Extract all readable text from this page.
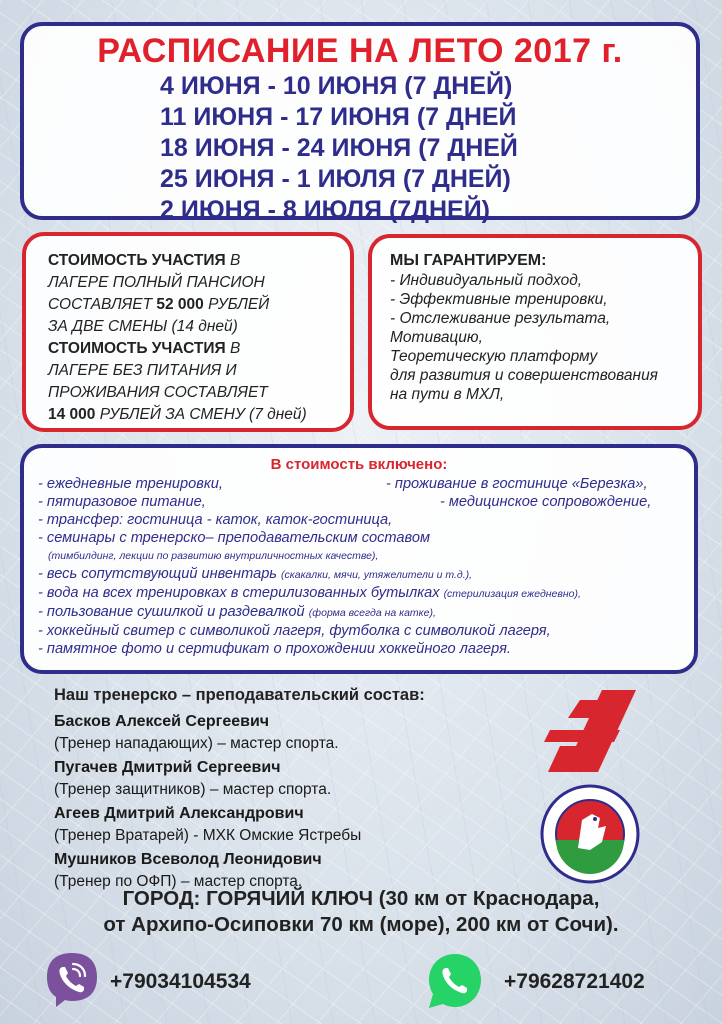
РАСПИСАНИЕ НА ЛЕТО 2017 г.
4 ИЮНЯ - 10 ИЮНЯ (7 ДНЕЙ)
11 ИЮНЯ - 17 ИЮНЯ (7 ДНЕЙ
18 ИЮНЯ - 24 ИЮНЯ (7 ДНЕЙ
25 ИЮНЯ - 1 ИЮЛЯ (7 ДНЕЙ)
2 ИЮНЯ - 8 ИЮЛЯ (7ДНЕЙ)
СТОИМОСТЬ УЧАСТИЯ В
ЛАГЕРЕ ПОЛНЫЙ ПАНСИОН
СОСТАВЛЯЕТ 52 000 РУБЛЕЙ
ЗА ДВЕ СМЕНЫ (14 дней)
СТОИМОСТЬ УЧАСТИЯ В
ЛАГЕРЕ БЕЗ ПИТАНИЯ И
ПРОЖИВАНИЯ СОСТАВЛЯЕТ
14 000 РУБЛЕЙ ЗА СМЕНУ (7 дней)
МЫ ГАРАНТИРУЕМ:
- Индивидуальный подход,
- Эффективные тренировки,
- Отслеживание результата,
Мотивацию,
Теоретическую платформу
для развития и совершенствования
на пути в МХЛ,
В стоимость включено:
- ежедневные тренировки,	- проживание в гостинице «Березка»,
- пятиразовое питание,	- медицинское сопровождение,
- трансфер: гостиница - каток, каток-гостиница,
- семинары с тренерско– преподавательским составом
(тимбилдинг, лекции по развитию внутриличностных качестве),
- весь сопутствующий инвентарь (скакалки, мячи, утяжелители и т.д.),
- вода на всех тренировках в стерилизованных бутылках (стерилизация ежедневно),
- пользование сушилкой и раздевалкой (форма всегда на катке),
- хоккейный свитер с символикой лагеря, футболка с символикой лагеря,
- памятное фото и сертификат о прохождении хоккейного лагеря.
Наш тренерско – преподавательский состав:
Басков Алексей Сергеевич
(Тренер нападающих) – мастер спорта.
Пугачев Дмитрий Сергеевич
(Тренер защитников) – мастер спорта.
Агеев Дмитрий Александрович
(Тренер Вратарей) - МХК Омские Ястребы
Мушников Всеволод Леонидович
(Тренер по ОФП) – мастер спорта.
ГОРОД: ГОРЯЧИЙ КЛЮЧ (30 км от Краснодара,
от Архипо-Осиповки 70 км (море), 200 км от Сочи).
+79034104534	+79628721402
